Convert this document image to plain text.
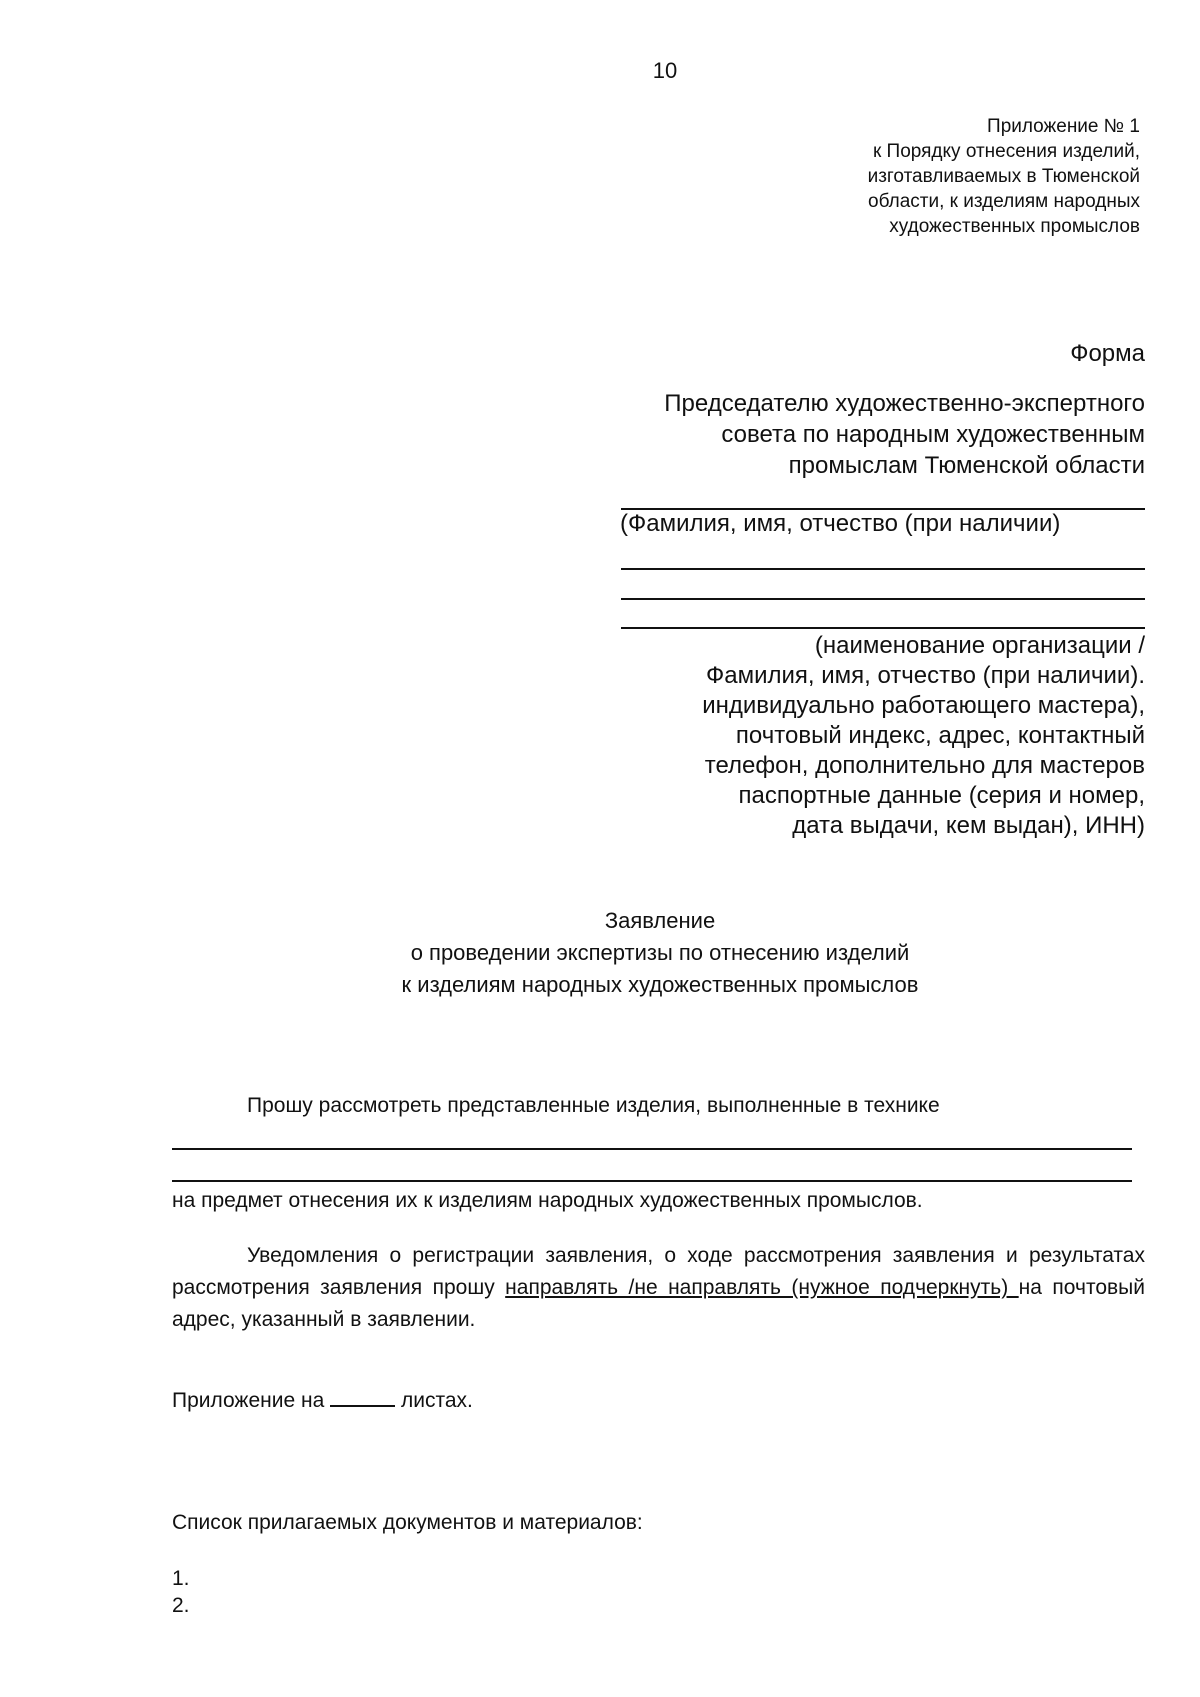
10
Приложение № 1
к Порядку отнесения изделий,
изготавливаемых в Тюменской
области, к изделиям народных
художественных промыслов
Форма
Председателю художественно-экспертного
совета по народным художественным
промыслам Тюменской области
(Фамилия, имя, отчество (при наличии)
(наименование организации /
Фамилия, имя, отчество (при наличии).
индивидуально работающего мастера),
почтовый индекс, адрес, контактный
телефон, дополнительно для мастеров
паспортные данные (серия и номер,
дата выдачи, кем выдан), ИНН)
Заявление
о проведении экспертизы по отнесению изделий
к изделиям народных художественных промыслов
Прошу рассмотреть представленные изделия, выполненные в технике
на предмет отнесения их к изделиям народных художественных промыслов.
Уведомления о регистрации заявления, о ходе рассмотрения заявления и результатах рассмотрения заявления прошу направлять /не направлять (нужное подчеркнуть) на почтовый адрес, указанный в заявлении.
Приложение на	листах.
Список прилагаемых документов и материалов:
1.
2.
